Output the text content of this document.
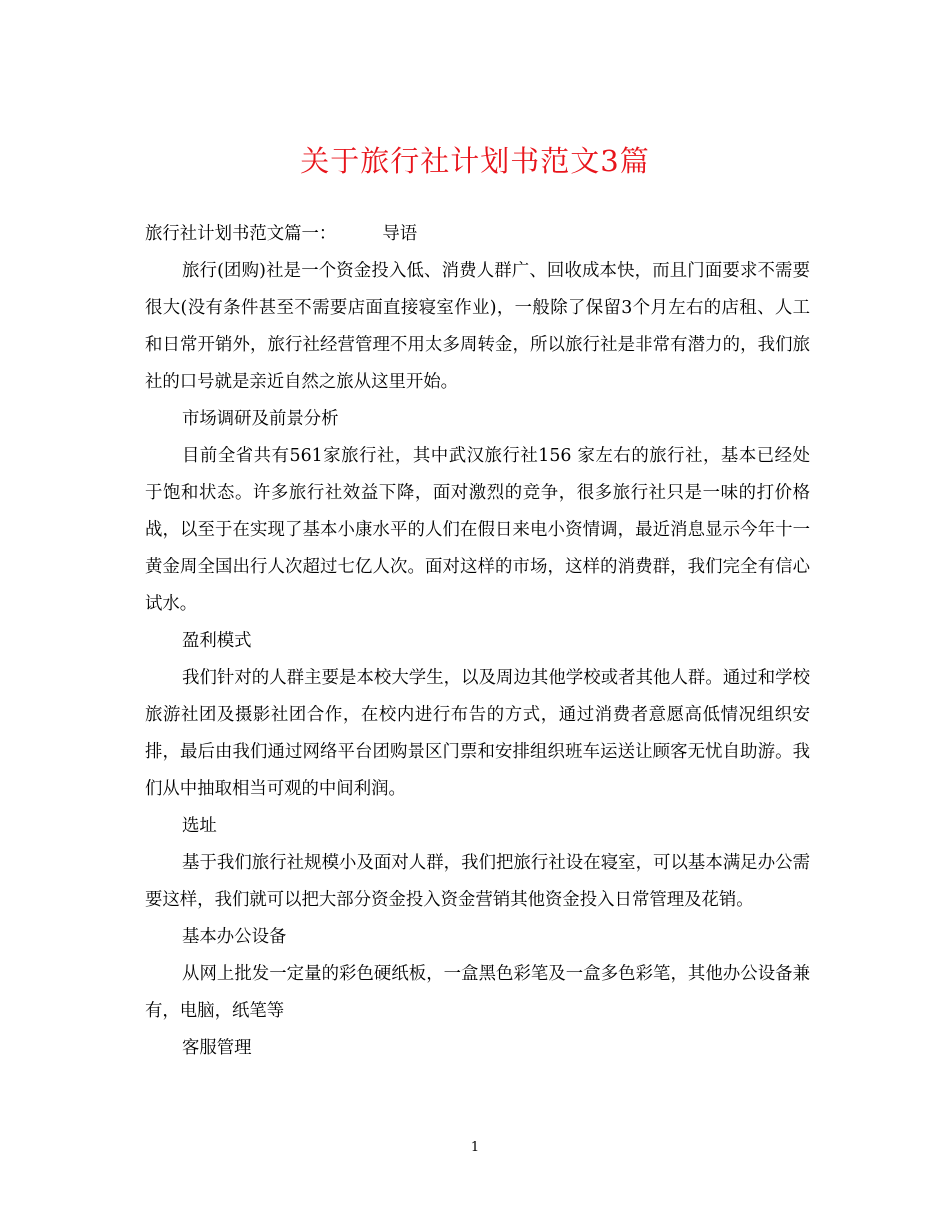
关于旅行社计划书范文3篇

旅行社计划书范文篇一：	导语

旅行(团购)社是一个资金投入低、消费人群广、回收成本快，而且门面要求不需要很大(没有条件甚至不需要店面直接寝室作业)，一般除了保留3个月左右的店租、人工和日常开销外，旅行社经营管理不用太多周转金，所以旅行社是非常有潜力的，我们旅社的口号就是亲近自然之旅从这里开始。

市场调研及前景分析

目前全省共有561家旅行社，其中武汉旅行社156 家左右的旅行社，基本已经处于饱和状态。许多旅行社效益下降，面对激烈的竞争，很多旅行社只是一味的打价格战，以至于在实现了基本小康水平的人们在假日来电小资情调，最近消息显示今年十一黄金周全国出行人次超过七亿人次。面对这样的市场，这样的消费群，我们完全有信心试水。

盈利模式

我们针对的人群主要是本校大学生，以及周边其他学校或者其他人群。通过和学校旅游社团及摄影社团合作，在校内进行布告的方式，通过消费者意愿高低情况组织安排，最后由我们通过网络平台团购景区门票和安排组织班车运送让顾客无忧自助游。我们从中抽取相当可观的中间利润。

选址

基于我们旅行社规模小及面对人群，我们把旅行社设在寝室，可以基本满足办公需要这样，我们就可以把大部分资金投入资金营销其他资金投入日常管理及花销。

基本办公设备

从网上批发一定量的彩色硬纸板，一盒黑色彩笔及一盒多色彩笔，其他办公设备兼有，电脑，纸笔等

客服管理

1
